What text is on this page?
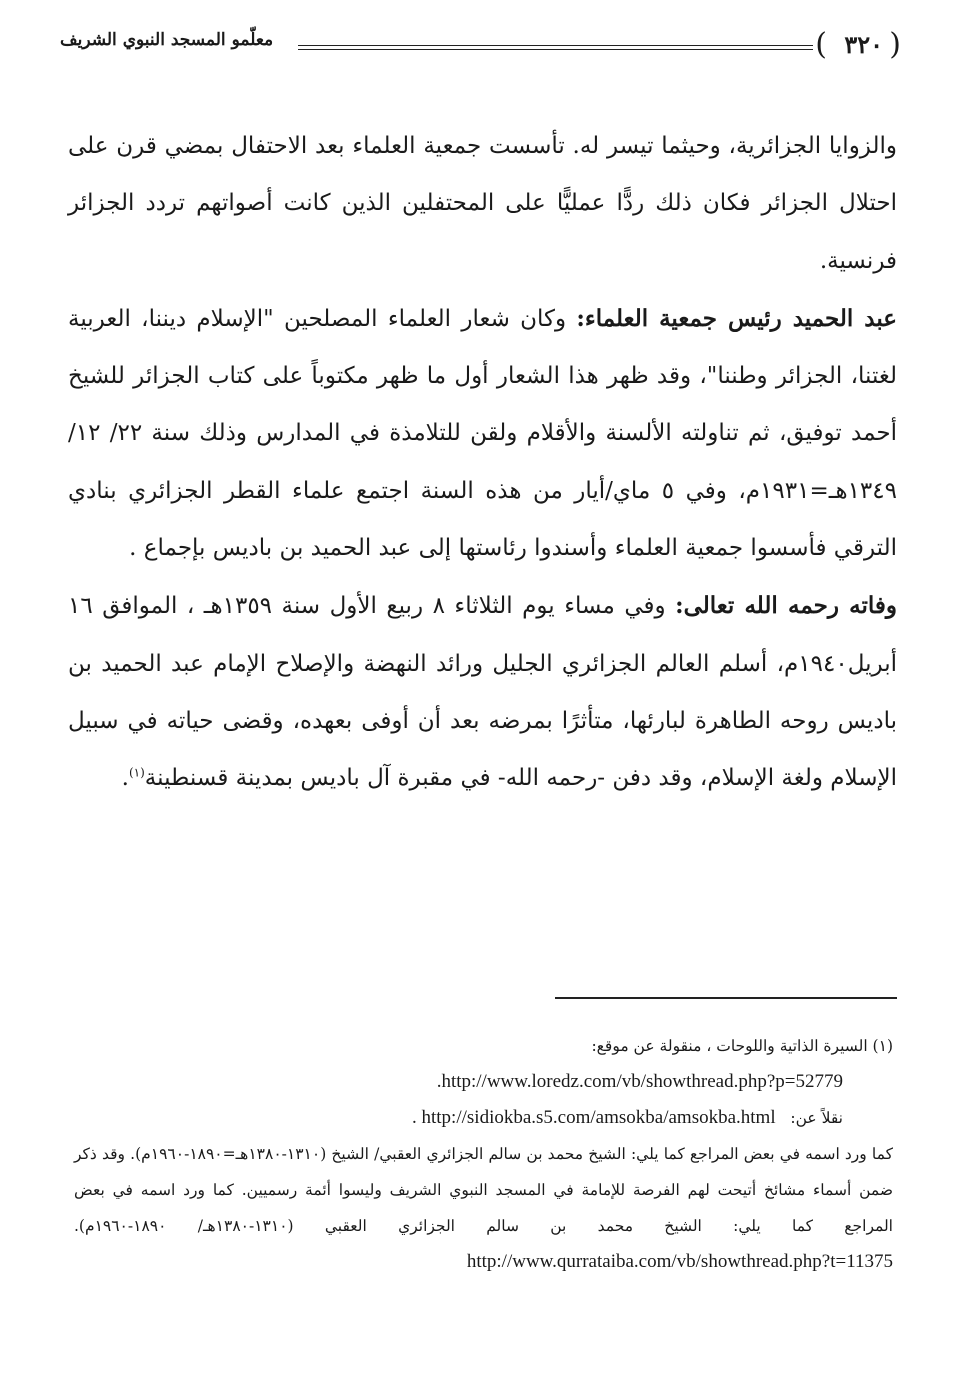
(
٣٢٠
)
معلّمو المسجد النبوي الشريف

والزوايا الجزائرية، وحيثما تيسر له. تأسست جمعية العلماء بعد الاحتفال بمضي قرن على احتلال الجزائر فكان ذلك ردًّا عمليًّا على المحتفلين الذين كانت أصواتهم تردد الجزائر فرنسية.

عبد الحميد رئيس جمعية العلماء: وكان شعار العلماء المصلحين "الإسلام ديننا، العربية لغتنا، الجزائر وطننا"، وقد ظهر هذا الشعار أول ما ظهر مكتوباً على كتاب الجزائر للشيخ أحمد توفيق، ثم تناولته الألسنة والأقلام ولقن للتلامذة في المدارس وذلك سنة ٢٢/ ١٢/ ١٣٤٩هـ=١٩٣١م، وفي ٥ ماي/أيار من هذه السنة اجتمع علماء القطر الجزائري بنادي الترقي فأسسوا جمعية العلماء وأسندوا رئاستها إلى عبد الحميد بن باديس بإجماع .

وفاته رحمه الله تعالى: وفي مساء يوم الثلاثاء ٨ ربيع الأول سنة ١٣٥٩هـ ، الموافق ١٦ أبريل١٩٤٠م، أسلم العالم الجزائري الجليل ورائد النهضة والإصلاح الإمام عبد الحميد بن باديس روحه الطاهرة لبارئها، متأثرًا بمرضه بعد أن أوفى بعهده، وقضى حياته في سبيل الإسلام ولغة الإسلام، وقد دفن -رحمه الله- في مقبرة آل باديس بمدينة قسنطينة$^{(١)}$.

(١) السيرة الذاتية واللوحات ، منقولة عن موقع:
.http://www.loredz.com/vb/showthread.php?p=52779
نقلاً عن:   . http://sidiokba.s5.com/amsokba/amsokba.html
كما ورد اسمه في بعض المراجع كما يلي: الشيخ محمد بن سالم الجزائري العقبي/ الشيخ (١٣١٠-١٣٨٠هـ=١٨٩٠-١٩٦٠م). وقد ذكر ضمن أسماء مشائخ أتيحت لهم الفرصة للإمامة في المسجد النبوي الشريف وليسوا أئمة رسميين. كما ورد اسمه في بعض المراجع كما يلي: الشيخ محمد بن سالم الجزائري العقبي (١٣١٠-١٣٨٠هـ/ ١٨٩٠-١٩٦٠م). http://www.qurrataiba.com/vb/showthread.php?t=11375
